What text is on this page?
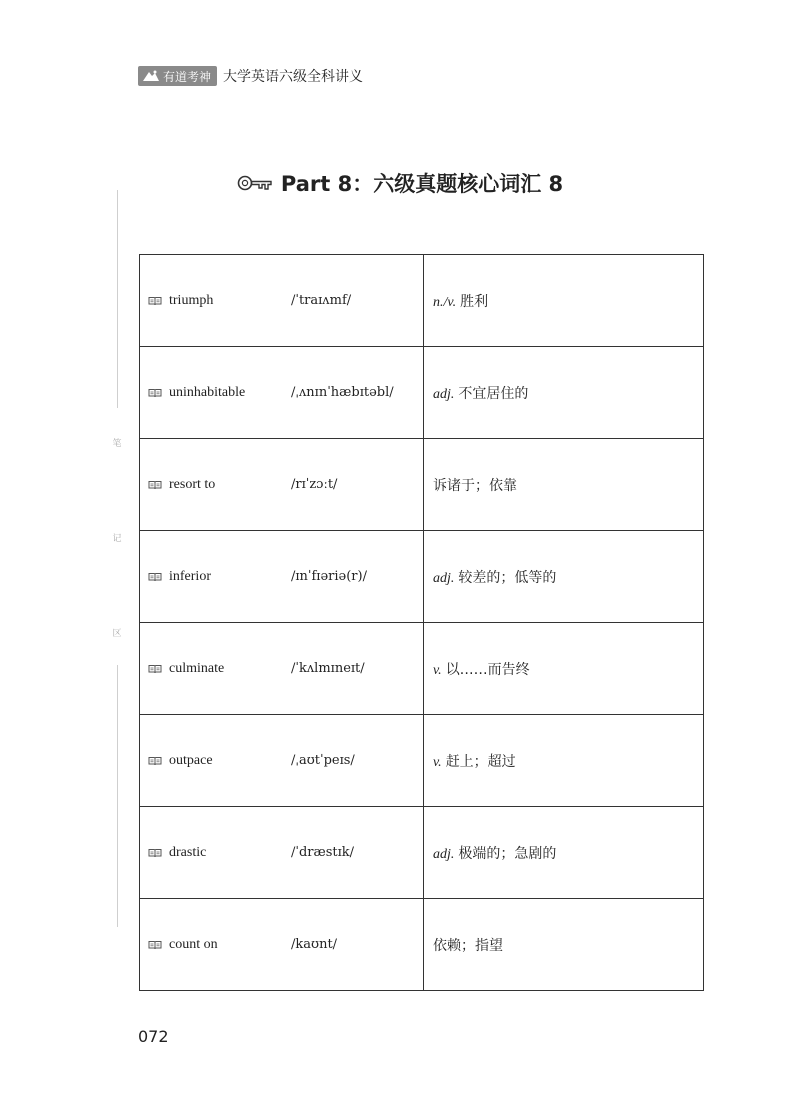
有道考神 大学英语六级全科讲义
Part 8：六级真题核心词汇 8
笔
记
区
triumph /ˈtraɪʌmf/	n./v. 胜利

uninhabitable /ˌʌnɪnˈhæbɪtəbl/	adj. 不宜居住的

resort to /rɪˈzɔːt/	诉诸于；依靠

inferior /ɪnˈfɪəriə(r)/	adj. 较差的；低等的

culminate /ˈkʌlmɪneɪt/	v. 以……而告终

outpace /ˌaʊtˈpeɪs/	v. 赶上；超过

drastic /ˈdræstɪk/	adj. 极端的；急剧的

count on /kaʊnt/	依赖；指望
072
